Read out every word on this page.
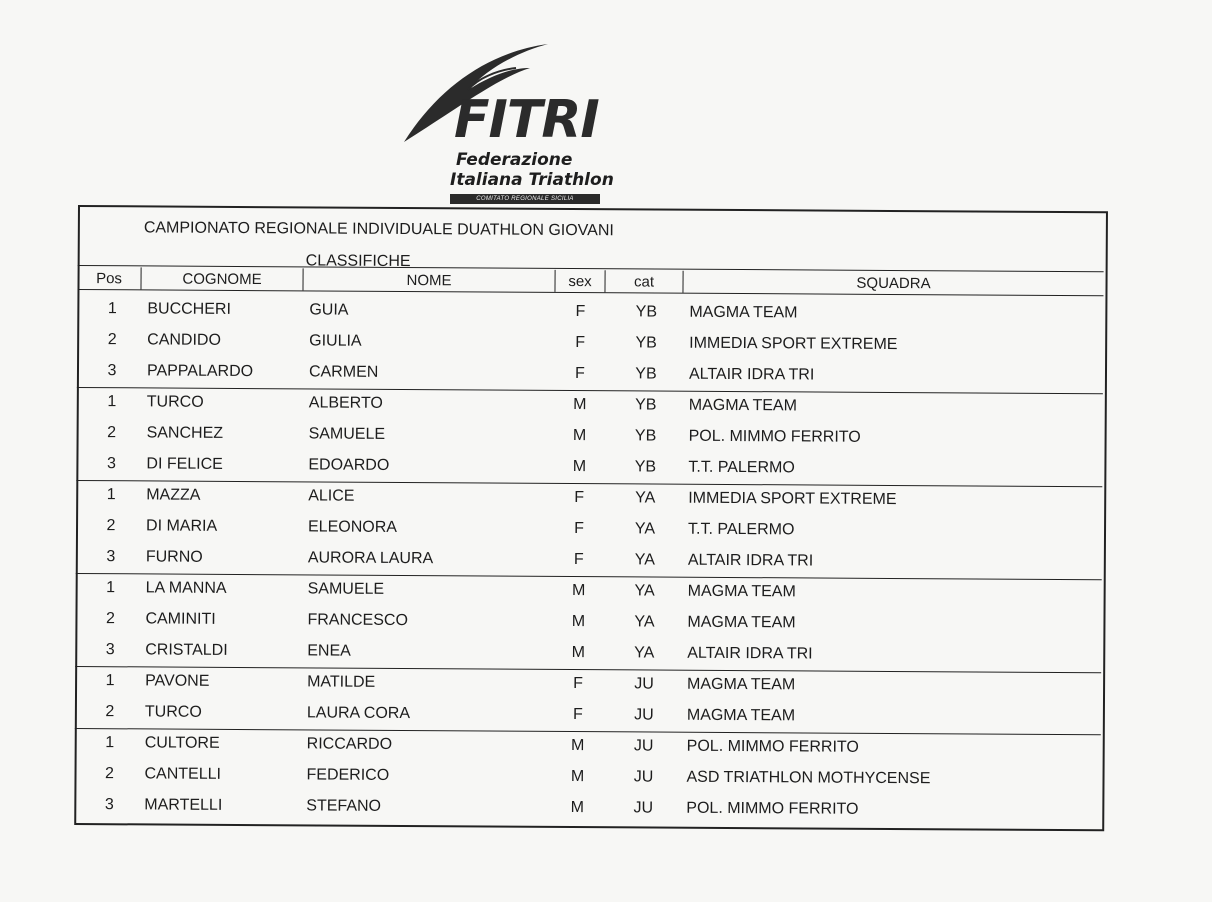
FITRI
Federazione
Italiana Triathlon
COMITATO REGIONALE SICILIA
CAMPIONATO REGIONALE INDIVIDUALE DUATHLON GIOVANI
CLASSIFICHE
Pos	COGNOME	NOME	sex	cat	SQUADRA
1	BUCCHERI	GUIA	F	YB	MAGMA TEAM
2	CANDIDO	GIULIA	F	YB	IMMEDIA SPORT EXTREME
3	PAPPALARDO	CARMEN	F	YB	ALTAIR IDRA TRI
1	TURCO	ALBERTO	M	YB	MAGMA TEAM
2	SANCHEZ	SAMUELE	M	YB	POL. MIMMO FERRITO
3	DI FELICE	EDOARDO	M	YB	T.T. PALERMO
1	MAZZA	ALICE	F	YA	IMMEDIA SPORT EXTREME
2	DI MARIA	ELEONORA	F	YA	T.T. PALERMO
3	FURNO	AURORA LAURA	F	YA	ALTAIR IDRA TRI
1	LA MANNA	SAMUELE	M	YA	MAGMA TEAM
2	CAMINITI	FRANCESCO	M	YA	MAGMA TEAM
3	CRISTALDI	ENEA	M	YA	ALTAIR IDRA TRI
1	PAVONE	MATILDE	F	JU	MAGMA TEAM
2	TURCO	LAURA CORA	F	JU	MAGMA TEAM
1	CULTORE	RICCARDO	M	JU	POL. MIMMO FERRITO
2	CANTELLI	FEDERICO	M	JU	ASD TRIATHLON MOTHYCENSE
3	MARTELLI	STEFANO	M	JU	POL. MIMMO FERRITO
